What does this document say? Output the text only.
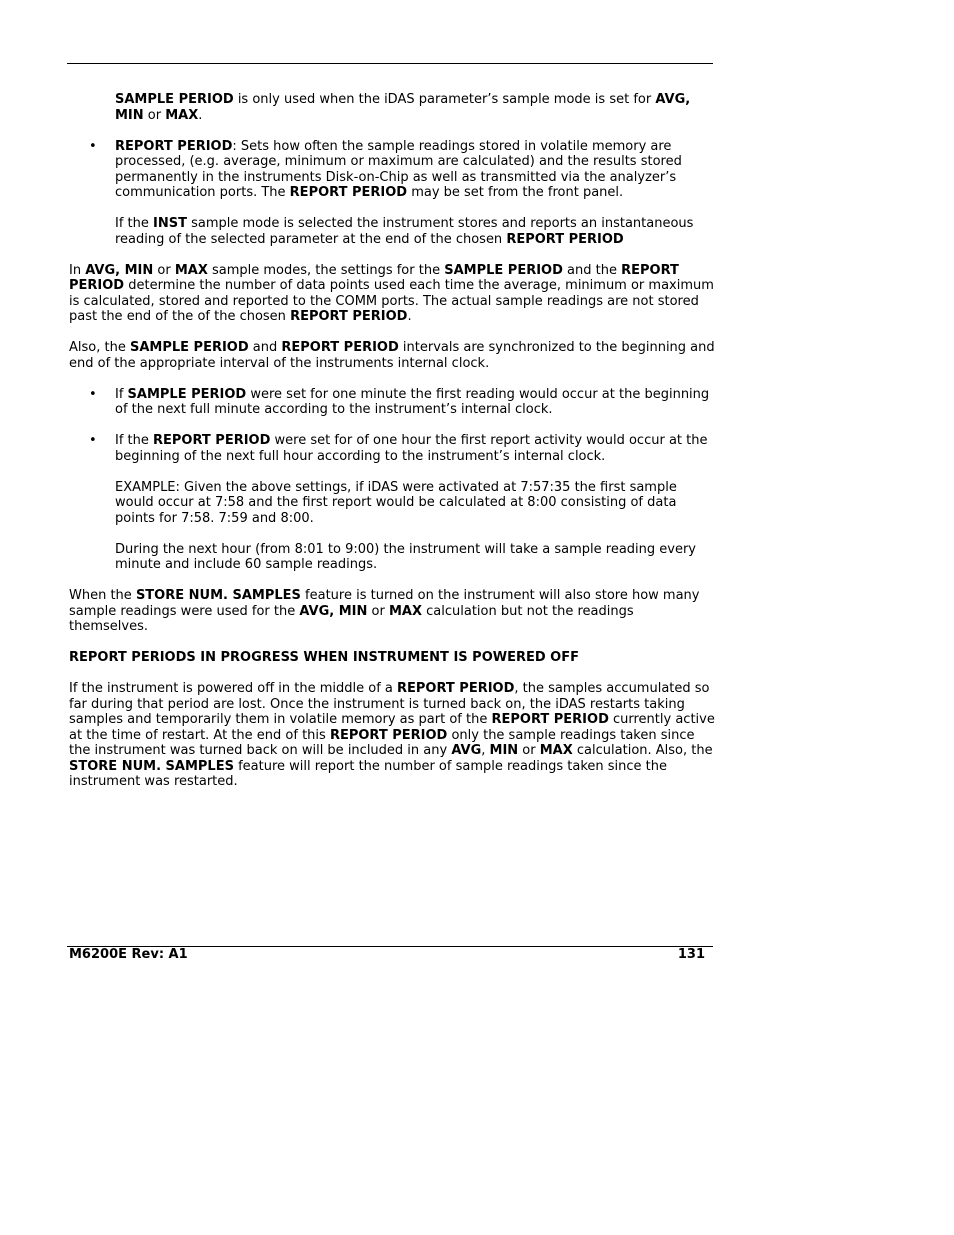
SAMPLE PERIOD is only used when the iDAS parameter’s sample mode is set for AVG, MIN or MAX.

• REPORT PERIOD: Sets how often the sample readings stored in volatile memory are processed, (e.g. average, minimum or maximum are calculated) and the results stored permanently in the instruments Disk-on-Chip as well as transmitted via the analyzer’s communication ports. The REPORT PERIOD may be set from the front panel.

If the INST sample mode is selected the instrument stores and reports an instantaneous reading of the selected parameter at the end of the chosen REPORT PERIOD

In AVG, MIN or MAX sample modes, the settings for the SAMPLE PERIOD and the REPORT PERIOD determine the number of data points used each time the average, minimum or maximum is calculated, stored and reported to the COMM ports. The actual sample readings are not stored past the end of the of the chosen REPORT PERIOD.

Also, the SAMPLE PERIOD and REPORT PERIOD intervals are synchronized to the beginning and end of the appropriate interval of the instruments internal clock.

• If SAMPLE PERIOD were set for one minute the first reading would occur at the beginning of the next full minute according to the instrument’s internal clock.
• If the REPORT PERIOD were set for of one hour the first report activity would occur at the beginning of the next full hour according to the instrument’s internal clock.

EXAMPLE: Given the above settings, if iDAS were activated at 7:57:35 the first sample would occur at 7:58 and the first report would be calculated at 8:00 consisting of data points for 7:58. 7:59 and 8:00.

During the next hour (from 8:01 to 9:00) the instrument will take a sample reading every minute and include 60 sample readings.

When the STORE NUM. SAMPLES feature is turned on the instrument will also store how many sample readings were used for the AVG, MIN or MAX calculation but not the readings themselves.

REPORT PERIODS IN PROGRESS WHEN INSTRUMENT IS POWERED OFF

If the instrument is powered off in the middle of a REPORT PERIOD, the samples accumulated so far during that period are lost. Once the instrument is turned back on, the iDAS restarts taking samples and temporarily them in volatile memory as part of the REPORT PERIOD currently active at the time of restart. At the end of this REPORT PERIOD only the sample readings taken since the instrument was turned back on will be included in any AVG, MIN or MAX calculation. Also, the STORE NUM. SAMPLES feature will report the number of sample readings taken since the instrument was restarted.

M6200E Rev: A1	131
